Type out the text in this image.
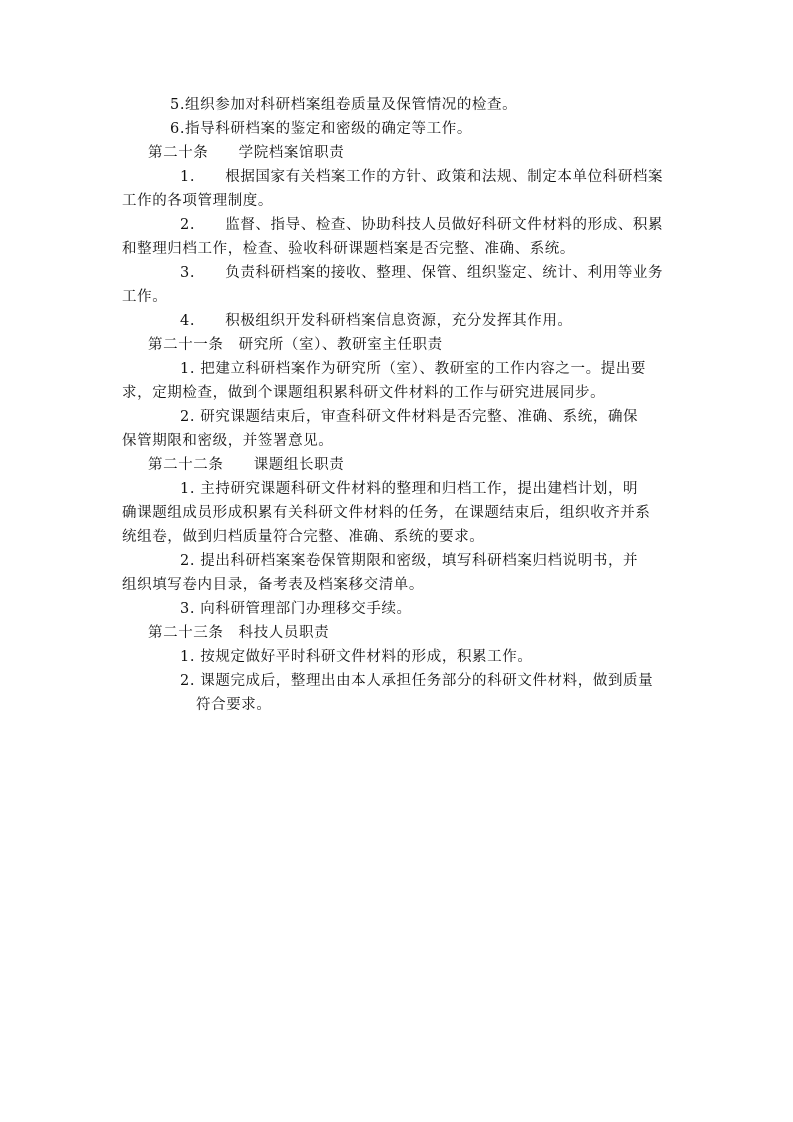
5.组织参加对科研档案组卷质量及保管情况的检查。
6.指导科研档案的鉴定和密级的确定等工作。
第二十条　　学院档案馆职责
1.　　根据国家有关档案工作的方针、政策和法规、制定本单位科研档案
工作的各项管理制度。
2.　　监督、指导、检查、协助科技人员做好科研文件材料的形成、积累
和整理归档工作，检查、验收科研课题档案是否完整、准确、系统。
3.　　负责科研档案的接收、整理、保管、组织鉴定、统计、利用等业务
工作。
4.　　积极组织开发科研档案信息资源，充分发挥其作用。
第二十一条　研究所（室）、教研室主任职责
1. 把建立科研档案作为研究所（室）、教研室的工作内容之一。提出要
求，定期检查，做到个课题组积累科研文件材料的工作与研究进展同步。
2. 研究课题结束后，审查科研文件材料是否完整、准确、系统，确保
保管期限和密级，并签署意见。
第二十二条　　课题组长职责
1. 主持研究课题科研文件材料的整理和归档工作，提出建档计划，明
确课题组成员形成积累有关科研文件材料的任务，在课题结束后，组织收齐并系
统组卷，做到归档质量符合完整、准确、系统的要求。
2. 提出科研档案案卷保管期限和密级，填写科研档案归档说明书，并
组织填写卷内目录，备考表及档案移交清单。
3. 向科研管理部门办理移交手续。
第二十三条　科技人员职责
1. 按规定做好平时科研文件材料的形成，积累工作。
2. 课题完成后，整理出由本人承担任务部分的科研文件材料，做到质量
符合要求。
